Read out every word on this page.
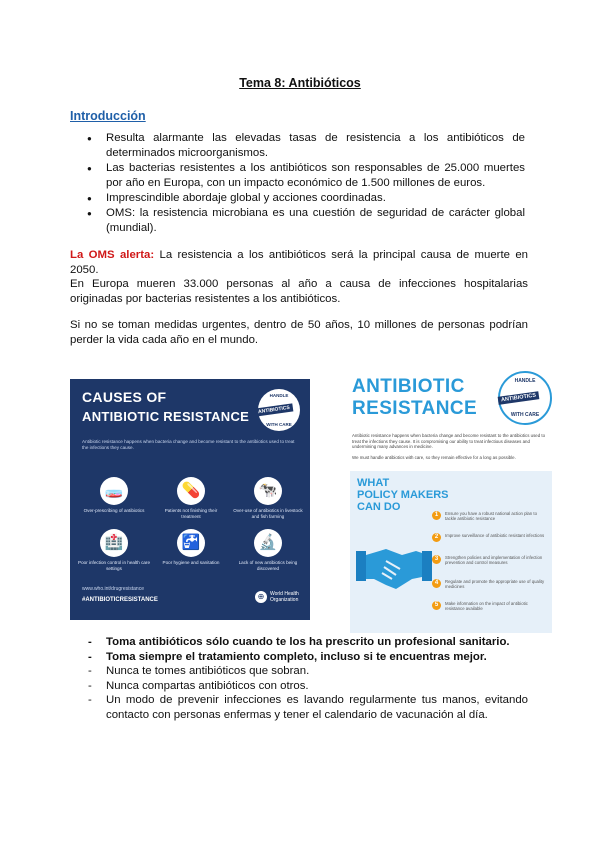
Tema 8: Antibióticos
Introducción
● Resulta alarmante las elevadas tasas de resistencia a los antibióticos de determinados microorganismos.
● Las bacterias resistentes a los antibióticos son responsables de 25.000 muertes por año en Europa, con un impacto económico de 1.500 millones de euros.
● Imprescindible abordaje global y acciones coordinadas.
● OMS: la resistencia microbiana es una cuestión de seguridad de carácter global (mundial).

La OMS alerta: La resistencia a los antibióticos será la principal causa de muerte en 2050.

En Europa mueren 33.000 personas al año a causa de infecciones hospitalarias originadas por bacterias resistentes a los antibióticos.

Si no se toman medidas urgentes, dentro de 50 años, 10 millones de personas podrían perder la vida cada año en el mundo.

CAUSES OF
ANTIBIOTIC RESISTANCE
HANDLE
ANTIBIOTICS
WITH CARE
Antibiotic resistance happens when bacteria change and become resistant to the antibiotics used to treat the infections they cause.
🧫
Over-prescribing of antibiotics
💊
Patients not finishing their treatment
🐄
Over-use of antibiotics in livestock and fish farming
🏥
Poor infection control in health care settings
🚰
Poor hygiene and sanitation
🔬
Lack of new antibiotics being discovered
www.who.int/drugresistance
#ANTIBIOTICRESISTANCE	⊕	World Health
Organization
ANTIBIOTIC
RESISTANCE
HANDLE
ANTIBIOTICS
WITH CARE
Antibiotic resistance happens when bacteria change and become resistant to the antibiotics used to treat the infections they cause. It is compromising our ability to treat infectious diseases and undermining many advances in medicine.
We must handle antibiotics with care, so they remain effective for a long as possible.
WHAT
POLICY MAKERS
CAN DO
1	Ensure you have a robust national action plan to tackle antibiotic resistance
2	Improve surveillance of antibiotic resistant infections
3	Strengthen policies and implementation of infection prevention and control measures
4	Regulate and promote the appropriate use of quality medicines
5	Make information on the impact of antibiotic resistance available
- Toma antibióticos sólo cuando te los ha prescrito un profesional sanitario.
- Toma siempre el tratamiento completo, incluso si te encuentras mejor.
- Nunca te tomes antibióticos que sobran.
- Nunca compartas antibióticos con otros.
- Un modo de prevenir infecciones es lavando regularmente tus manos, evitando contacto con personas enfermas y tener el calendario de vacunación al día.
